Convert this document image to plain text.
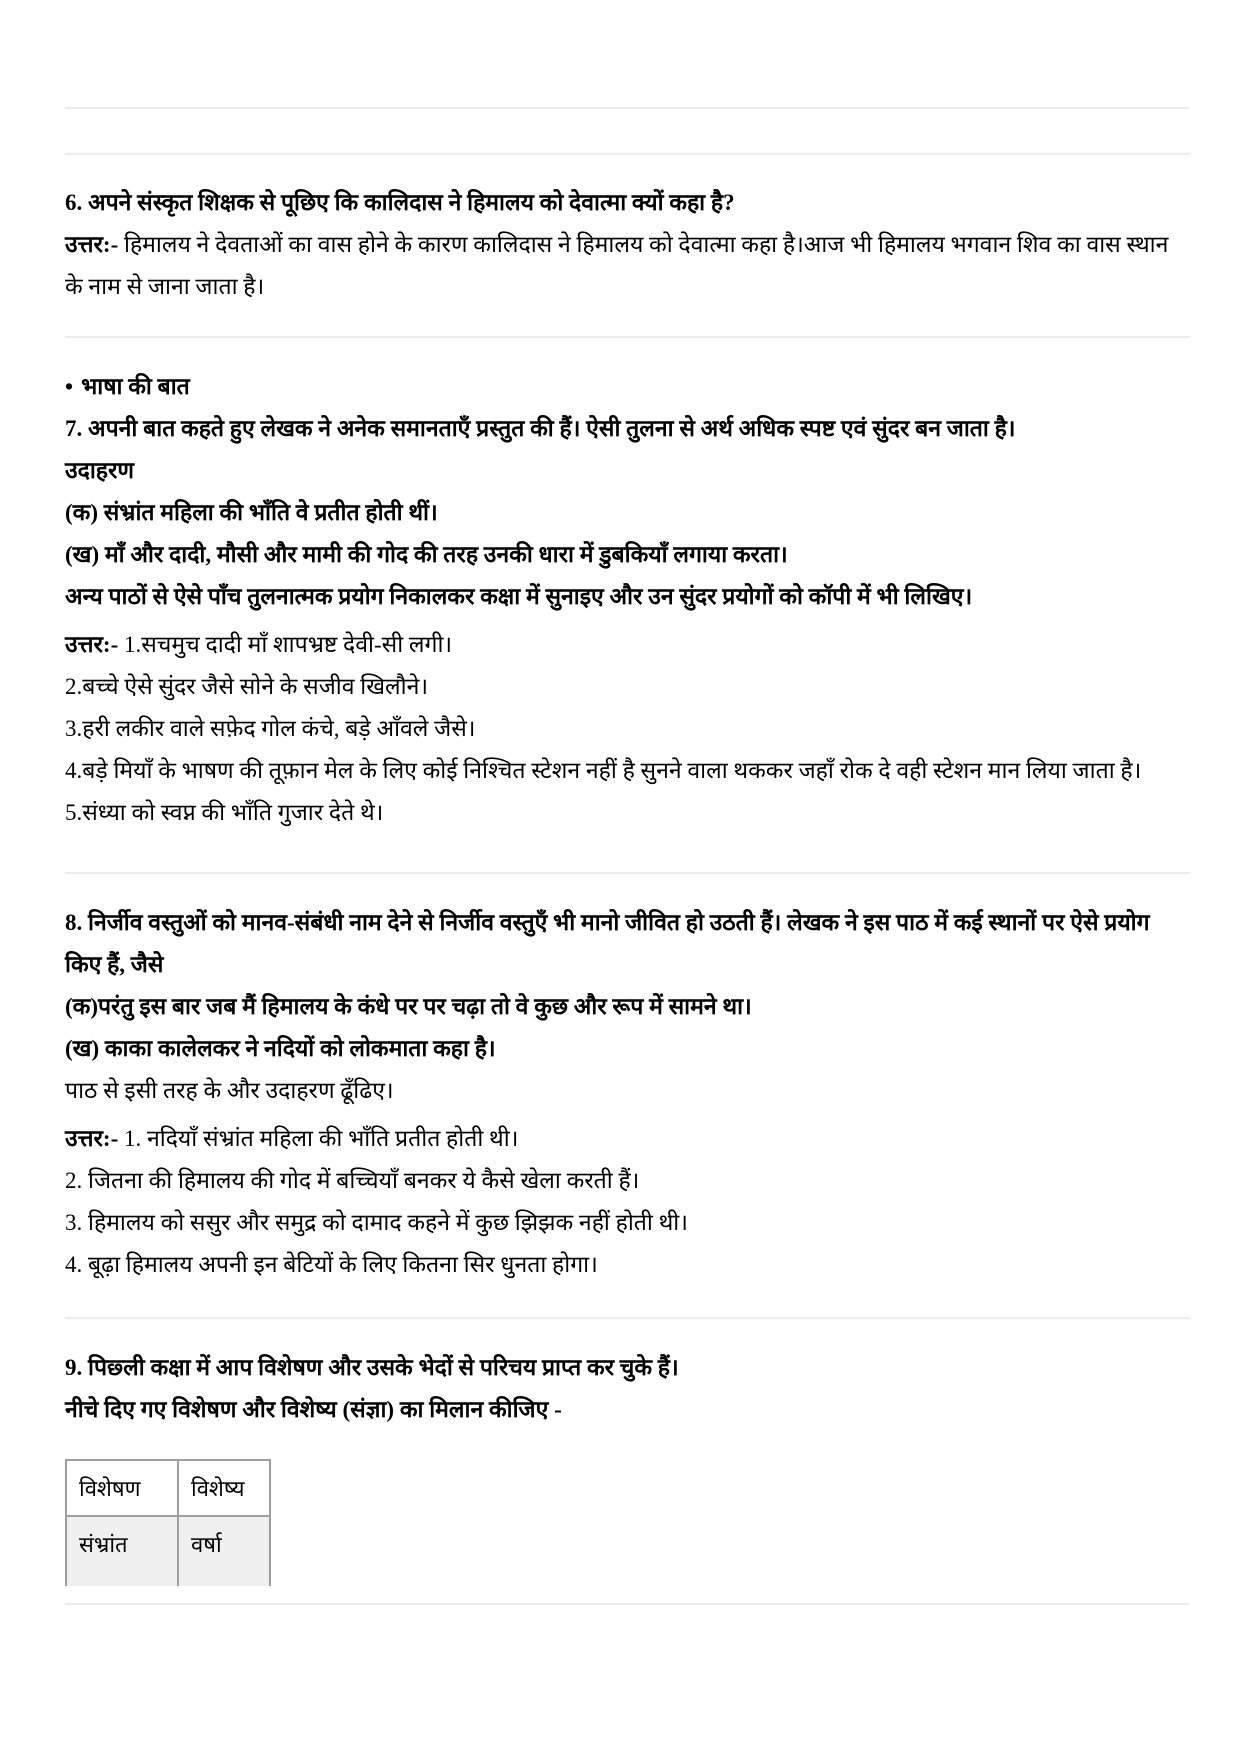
6. अपने संस्कृत शिक्षक से पूछिए कि कालिदास ने हिमालय को देवात्मा क्यों कहा है?

उत्तर:- हिमालय ने देवताओं का वास होने के कारण कालिदास ने हिमालय को देवात्मा कहा है।आज भी हिमालय भगवान शिव का वास स्थान के नाम से जाना जाता है।

• भाषा की बात

7. अपनी बात कहते हुए लेखक ने अनेक समानताएँ प्रस्तुत की हैं। ऐसी तुलना से अर्थ अधिक स्पष्ट एवं सुंदर बन जाता है।

उदाहरण

(क) संभ्रांत महिला की भाँति वे प्रतीत होती थीं।

(ख) माँ और दादी, मौसी और मामी की गोद की तरह उनकी धारा में डुबकियाँ लगाया करता।

अन्य पाठों से ऐसे पाँच तुलनात्मक प्रयोग निकालकर कक्षा में सुनाइए और उन सुंदर प्रयोगों को कॉपी में भी लिखिए।

उत्तर:- 1.सचमुच दादी माँ शापभ्रष्ट देवी-सी लगी।

2.बच्चे ऐसे सुंदर जैसे सोने के सजीव खिलौने।

3.हरी लकीर वाले सफ़ेद गोल कंचे, बड़े आँवले जैसे।

4.बड़े मियाँ के भाषण की तूफ़ान मेल के लिए कोई निश्चित स्टेशन नहीं है सुनने वाला थककर जहाँ रोक दे वही स्टेशन मान लिया जाता है।

5.संध्या को स्वप्न की भाँति गुजार देते थे।

8. निर्जीव वस्तुओं को मानव-संबंधी नाम देने से निर्जीव वस्तुएँ भी मानो जीवित हो उठती हैं। लेखक ने इस पाठ में कई स्थानों पर ऐसे प्रयोग किए हैं, जैसे

(क)परंतु इस बार जब मैं हिमालय के कंधे पर पर चढ़ा तो वे कुछ और रूप में सामने था।

(ख) काका कालेलकर ने नदियों को लोकमाता कहा है।

पाठ से इसी तरह के और उदाहरण ढूँढिए।

उत्तर:- 1. नदियाँ संभ्रांत महिला की भाँति प्रतीत होती थी।

2. जितना की हिमालय की गोद में बच्चियाँ बनकर ये कैसे खेला करती हैं।

3. हिमालय को ससुर और समुद्र को दामाद कहने में कुछ झिझक नहीं होती थी।

4. बूढ़ा हिमालय अपनी इन बेटियों के लिए कितना सिर धुनता होगा।

9. पिछ्ली कक्षा में आप विशेषण और उसके भेदों से परिचय प्राप्त कर चुके हैं।

नीचे दिए गए विशेषण और विशेष्य (संज्ञा) का मिलान कीजिए -

विशेषण	विशेष्य
संभ्रांत	वर्षा
